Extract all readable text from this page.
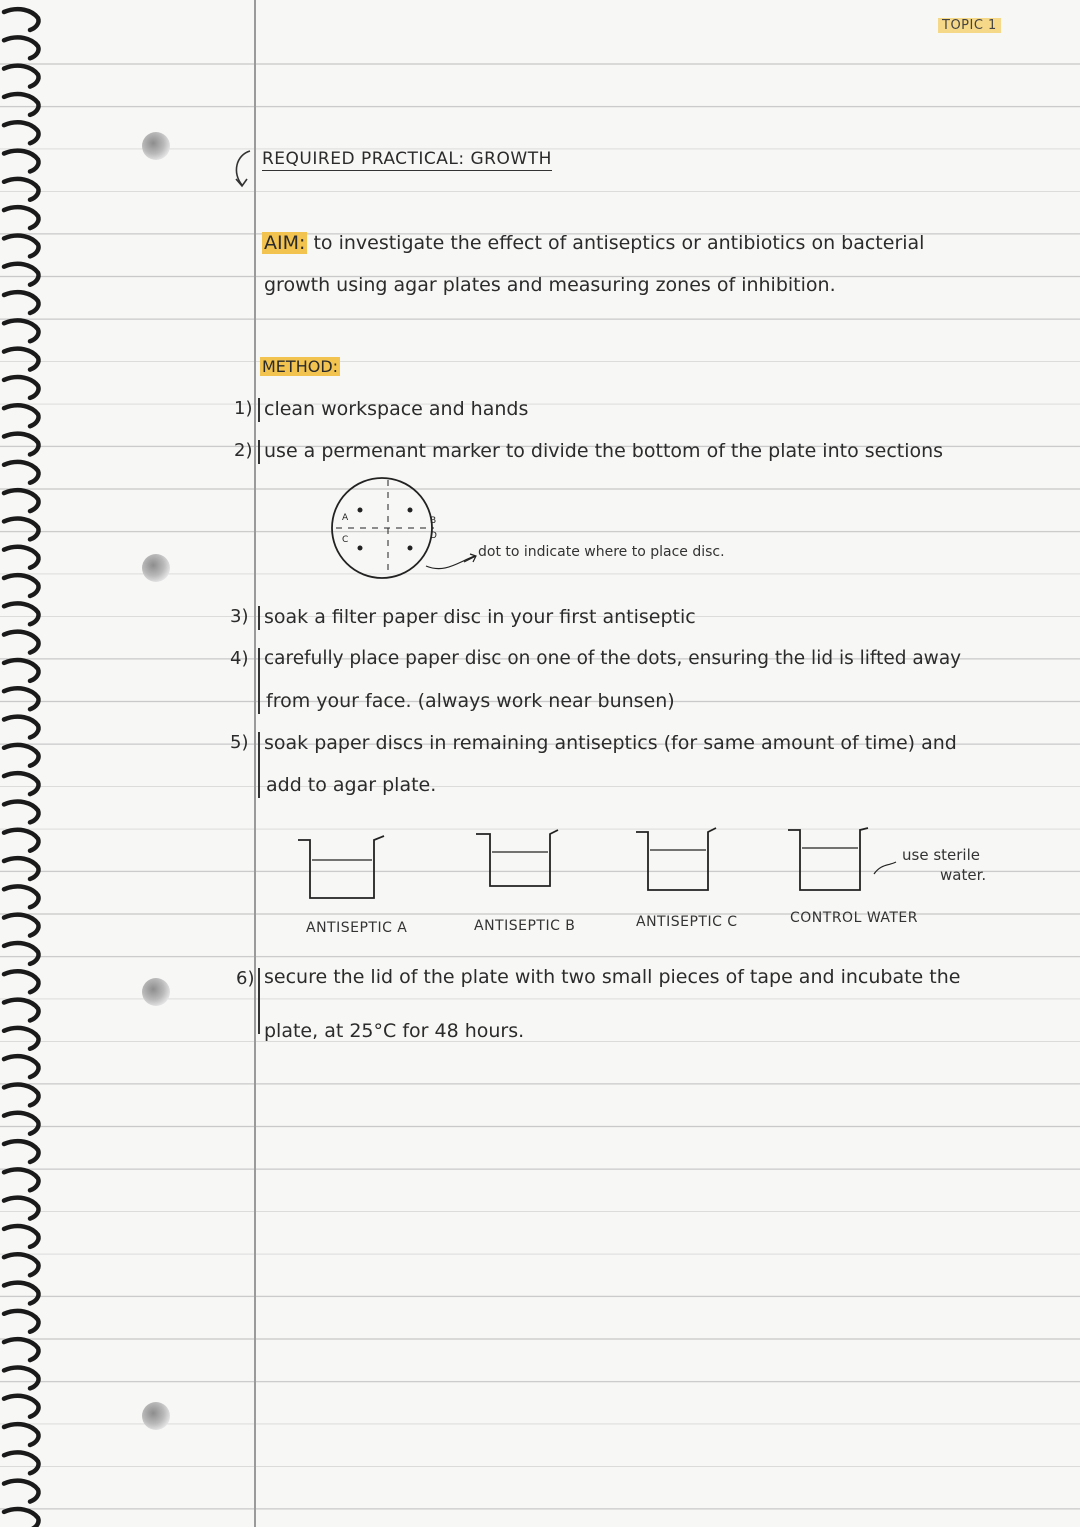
TOPIC 1
REQUIRED PRACTICAL: GROWTH
AIM: to investigate the effect of antiseptics or antibiotics on bacterial
growth using agar plates and measuring zones of inhibition.
METHOD:
1) clean workspace and hands
2) use a permenant marker to divide the bottom of the plate into sections
A	B
C	D
dot to indicate where to place disc.
3) soak a filter paper disc in your first antiseptic
4) carefully place paper disc on one of the dots, ensuring the lid is lifted away
from your face. (always work near bunsen)
5) soak paper discs in remaining antiseptics (for same amount of time) and
add to agar plate.
ANTISEPTIC A	ANTISEPTIC B	ANTISEPTIC C	CONTROL WATER
use sterile
water.
6) secure the lid of the plate with two small pieces of tape and incubate the
plate, at 25°C for 48 hours.
